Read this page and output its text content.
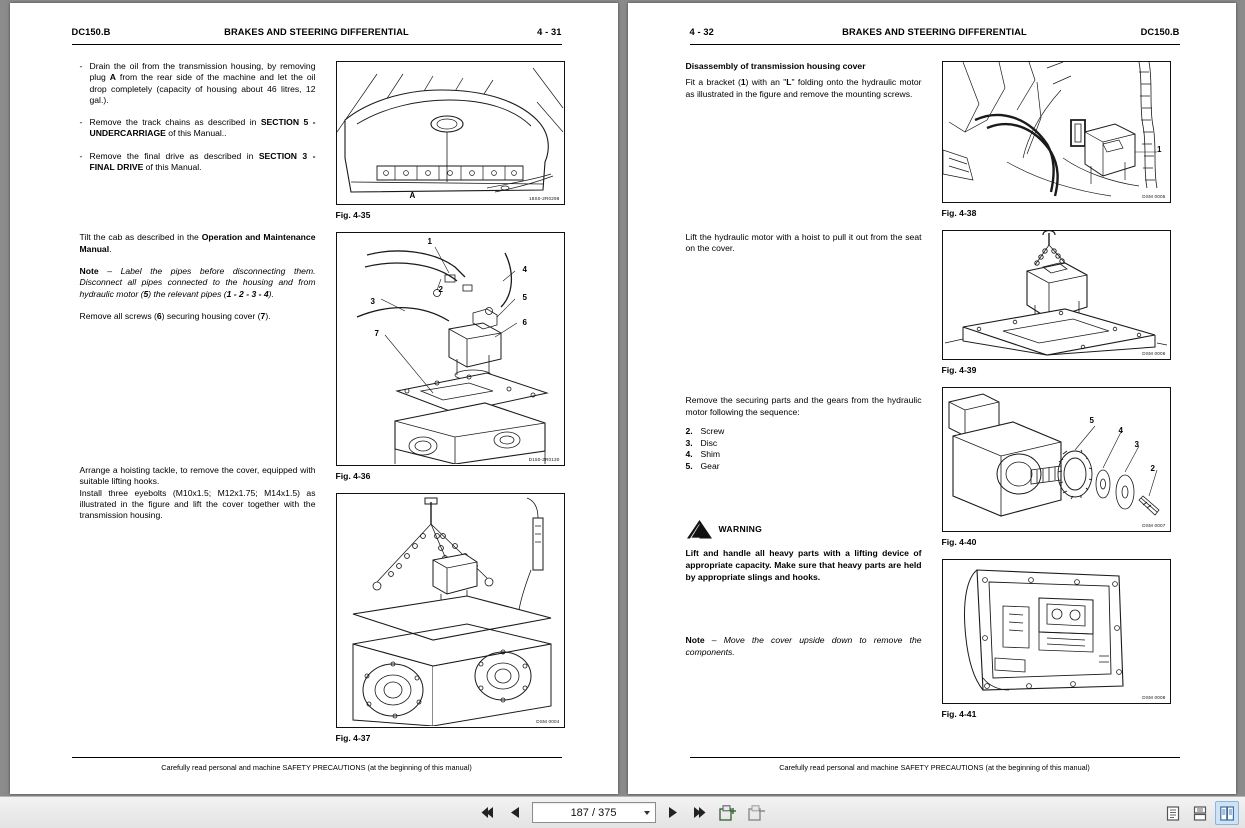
DC150.B	BRAKES AND STEERING DIFFERENTIAL	4 - 31
- Drain the oil from the transmission housing, by removing plug A from the rear side of the machine and let the oil drop completely (capacity of housing about 46 litres, 12 gal.).
- Remove the track chains as described in SECTION 5 - UNDERCARRIAGE of this Manual..
- Remove the final drive as described in SECTION 3 - FINAL DRIVE of this Manual.
Tilt the cab as described in the Operation and Maintenance Manual.
Note – Label the pipes before disconnecting them. Disconnect all pipes connected to the housing and from hydraulic motor (5) the relevant pipes (1 - 2 - 3 - 4).
Remove all screws (6) securing housing cover (7).
Arrange a hoisting tackle, to remove the cover, equipped with suitable lifting hooks.
Install three eyebolts (M10x1.5; M12x1.75; M14x1.5) as illustrated in the figure and lift the cover together with the transmission housing.
A	18S0-2R0298
Fig. 4-35
1
2
3
4
5
6
7
D150-2R0130
Fig. 4-36
DSM 0004
Fig. 4-37
Carefully read personal and machine SAFETY PRECAUTIONS (at the beginning of this manual)
4 - 32	BRAKES AND STEERING DIFFERENTIAL	DC150.B
Disassembly of transmission housing cover
Fit a bracket (1) with an "L" folding onto the hydraulic motor as illustrated in the figure and remove the mounting screws.
Lift the hydraulic motor with a hoist to pull it out from the seat on the cover.
Remove the securing parts and the gears from the hydraulic motor following the sequence:
2. Screw
3. Disc
4. Shim
5. Gear
WARNING
Lift and handle all heavy parts with a lifting device of appropriate capacity. Make sure that heavy parts are held by appropriate slings and hooks.
Note – Move the cover upside down to remove the components.
1
DSM 0005
Fig. 4-38
DSM 0006
Fig. 4-39
5
4
3
2
DSM 0007
Fig. 4-40
DSM 0008
Fig. 4-41
Carefully read personal and machine SAFETY PRECAUTIONS (at the beginning of this manual)
187 / 375
